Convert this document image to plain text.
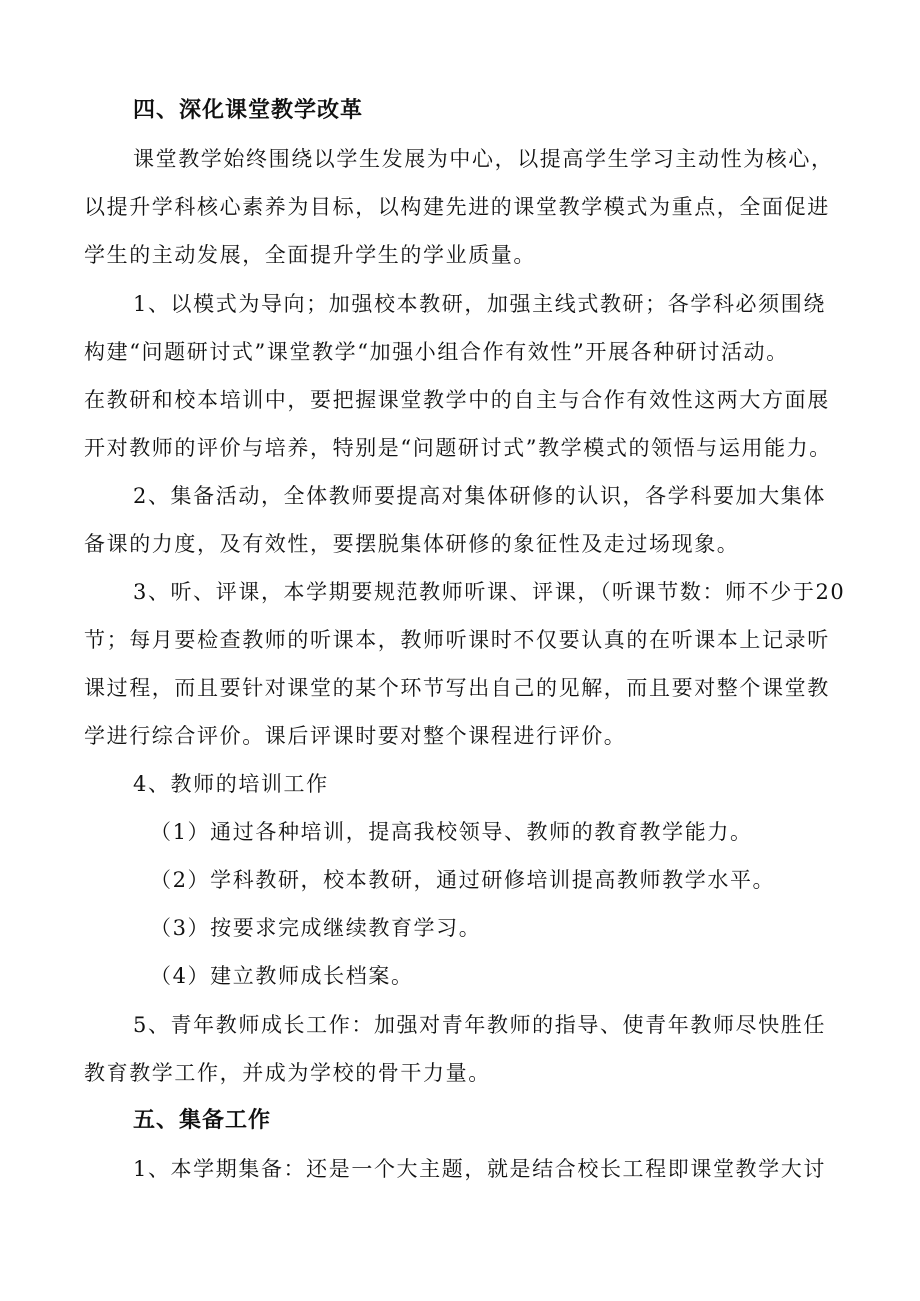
四、深化课堂教学改革
课堂教学始终围绕以学生发展为中心，以提高学生学习主动性为核心，
以提升学科核心素养为目标，以构建先进的课堂教学模式为重点，全面促进
学生的主动发展，全面提升学生的学业质量。
1、以模式为导向；加强校本教研，加强主线式教研；各学科必须围绕
构建“问题研讨式”课堂教学“加强小组合作有效性”开展各种研讨活动。
在教研和校本培训中，要把握课堂教学中的自主与合作有效性这两大方面展
开对教师的评价与培养，特别是“问题研讨式”教学模式的领悟与运用能力。
2、集备活动，全体教师要提高对集体研修的认识，各学科要加大集体
备课的力度，及有效性，要摆脱集体研修的象征性及走过场现象。
3、听、评课，本学期要规范教师听课、评课，（听课节数：师不少于20
节；每月要检查教师的听课本，教师听课时不仅要认真的在听课本上记录听
课过程，而且要针对课堂的某个环节写出自己的见解，而且要对整个课堂教
学进行综合评价。课后评课时要对整个课程进行评价。
4、教师的培训工作
（1）通过各种培训，提高我校领导、教师的教育教学能力。
（2）学科教研，校本教研，通过研修培训提高教师教学水平。
（3）按要求完成继续教育学习。
（4）建立教师成长档案。
5、青年教师成长工作：加强对青年教师的指导、使青年教师尽快胜任
教育教学工作，并成为学校的骨干力量。
五、集备工作
1、本学期集备：还是一个大主题，就是结合校长工程即课堂教学大讨
